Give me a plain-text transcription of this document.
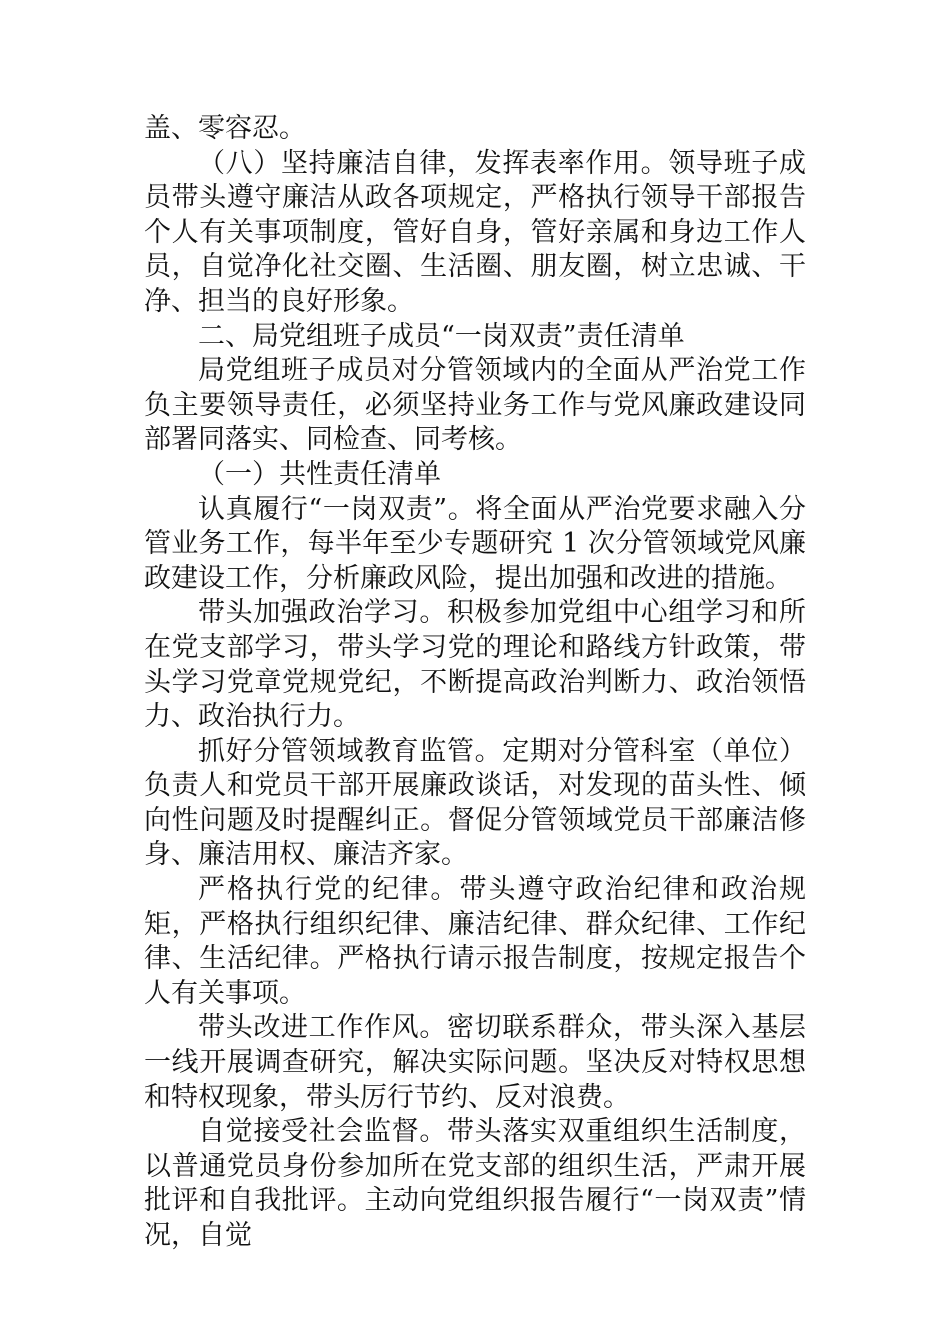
盖、零容忍。

（八）坚持廉洁自律，发挥表率作用。领导班子成员带头遵守廉洁从政各项规定，严格执行领导干部报告个人有关事项制度，管好自身，管好亲属和身边工作人员，自觉净化社交圈、生活圈、朋友圈，树立忠诚、干净、担当的良好形象。

二、局党组班子成员“一岗双责”责任清单

局党组班子成员对分管领域内的全面从严治党工作负主要领导责任，必须坚持业务工作与党风廉政建设同部署同落实、同检查、同考核。

（一）共性责任清单

认真履行“一岗双责”。将全面从严治党要求融入分管业务工作，每半年至少专题研究 1 次分管领域党风廉政建设工作，分析廉政风险，提出加强和改进的措施。

带头加强政治学习。积极参加党组中心组学习和所在党支部学习，带头学习党的理论和路线方针政策，带头学习党章党规党纪，不断提高政治判断力、政治领悟力、政治执行力。

抓好分管领域教育监管。定期对分管科室（单位）负责人和党员干部开展廉政谈话，对发现的苗头性、倾向性问题及时提醒纠正。督促分管领域党员干部廉洁修身、廉洁用权、廉洁齐家。

严格执行党的纪律。带头遵守政治纪律和政治规矩，严格执行组织纪律、廉洁纪律、群众纪律、工作纪律、生活纪律。严格执行请示报告制度，按规定报告个人有关事项。

带头改进工作作风。密切联系群众，带头深入基层一线开展调查研究，解决实际问题。坚决反对特权思想和特权现象，带头厉行节约、反对浪费。

自觉接受社会监督。带头落实双重组织生活制度，以普通党员身份参加所在党支部的组织生活，严肃开展批评和自我批评。主动向党组织报告履行“一岗双责”情况，自觉
